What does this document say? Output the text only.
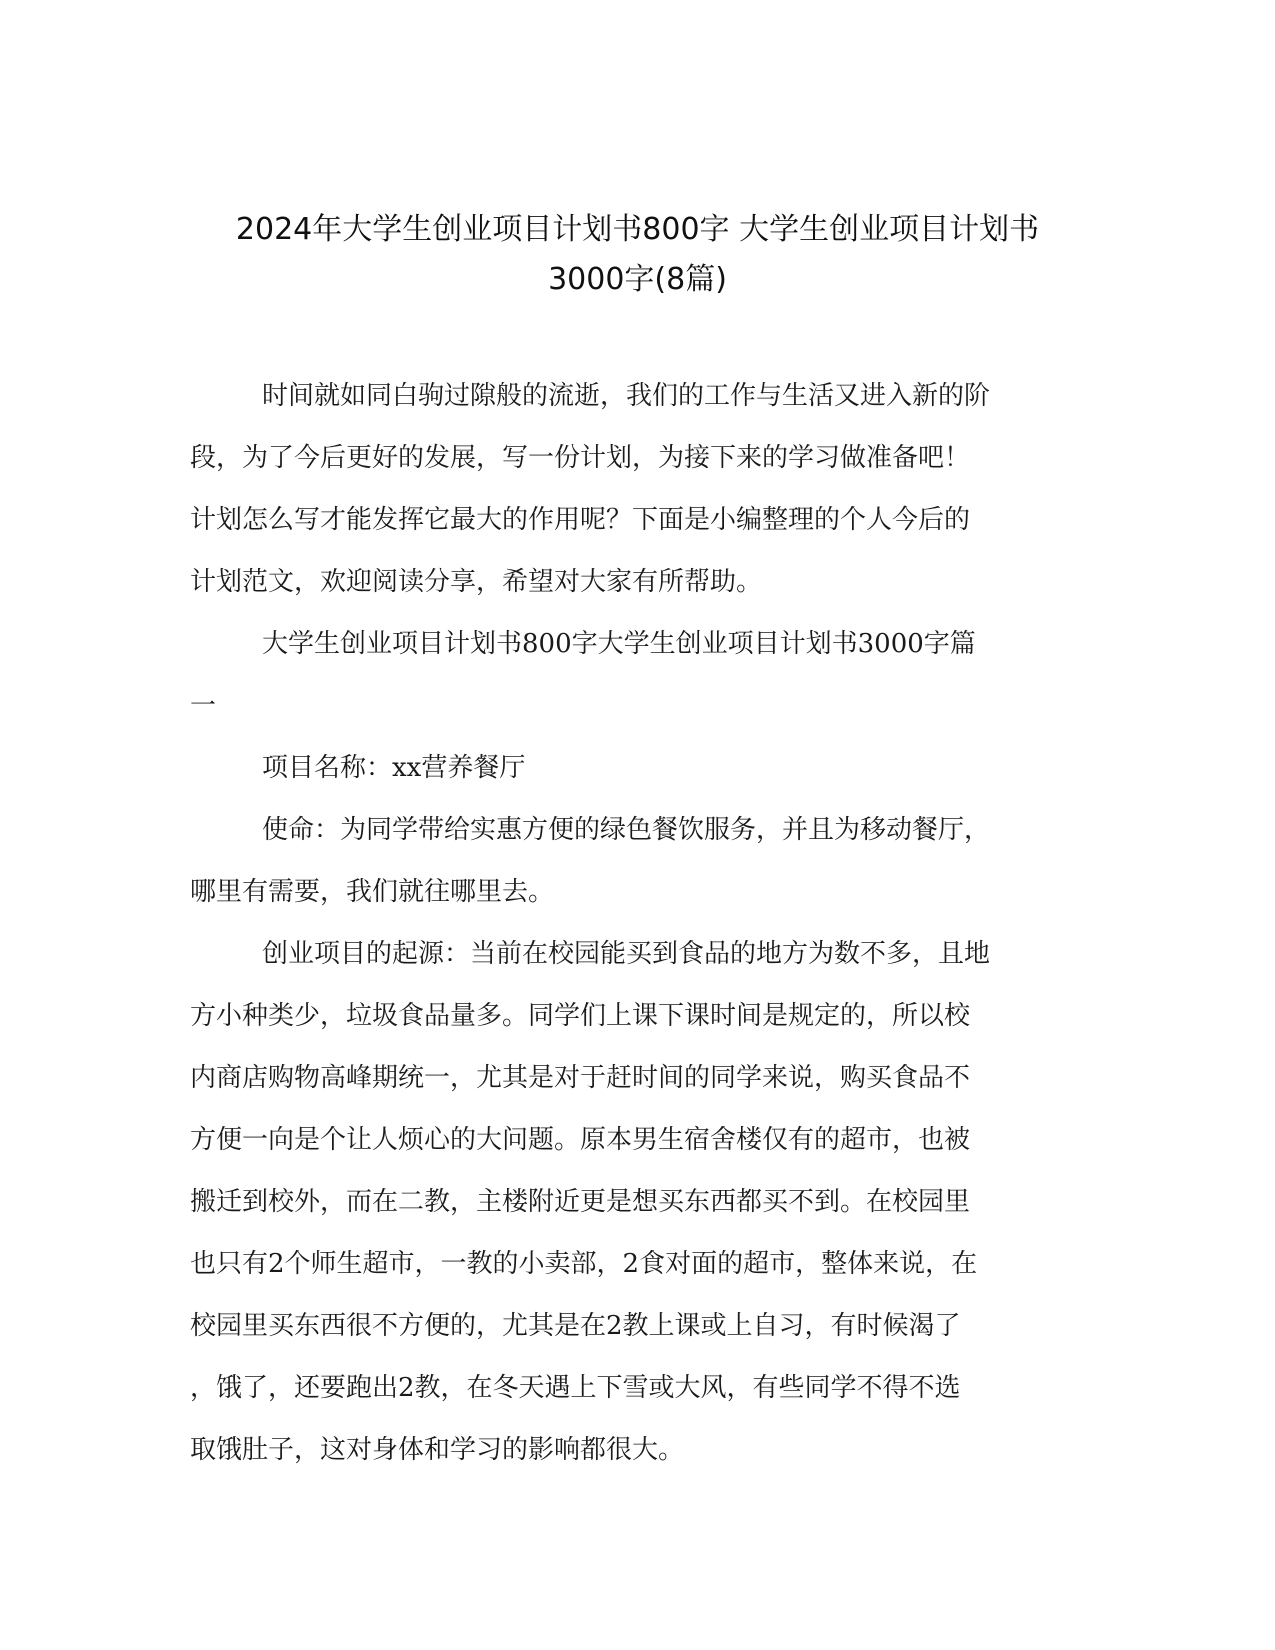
2024年大学生创业项目计划书800字 大学生创业项目计划书
3000字(8篇)
时间就如同白驹过隙般的流逝，我们的工作与生活又进入新的阶
段，为了今后更好的发展，写一份计划，为接下来的学习做准备吧！
计划怎么写才能发挥它最大的作用呢？下面是小编整理的个人今后的
计划范文，欢迎阅读分享，希望对大家有所帮助。
大学生创业项目计划书800字大学生创业项目计划书3000字篇
一
项目名称：xx营养餐厅
使命：为同学带给实惠方便的绿色餐饮服务，并且为移动餐厅，
哪里有需要，我们就往哪里去。
创业项目的起源：当前在校园能买到食品的地方为数不多，且地
方小种类少，垃圾食品量多。同学们上课下课时间是规定的，所以校
内商店购物高峰期统一，尤其是对于赶时间的同学来说，购买食品不
方便一向是个让人烦心的大问题。原本男生宿舍楼仅有的超市，也被
搬迁到校外，而在二教，主楼附近更是想买东西都买不到。在校园里
也只有2个师生超市，一教的小卖部，2食对面的超市，整体来说，在
校园里买东西很不方便的，尤其是在2教上课或上自习，有时候渴了
，饿了，还要跑出2教，在冬天遇上下雪或大风，有些同学不得不选
取饿肚子，这对身体和学习的影响都很大。
